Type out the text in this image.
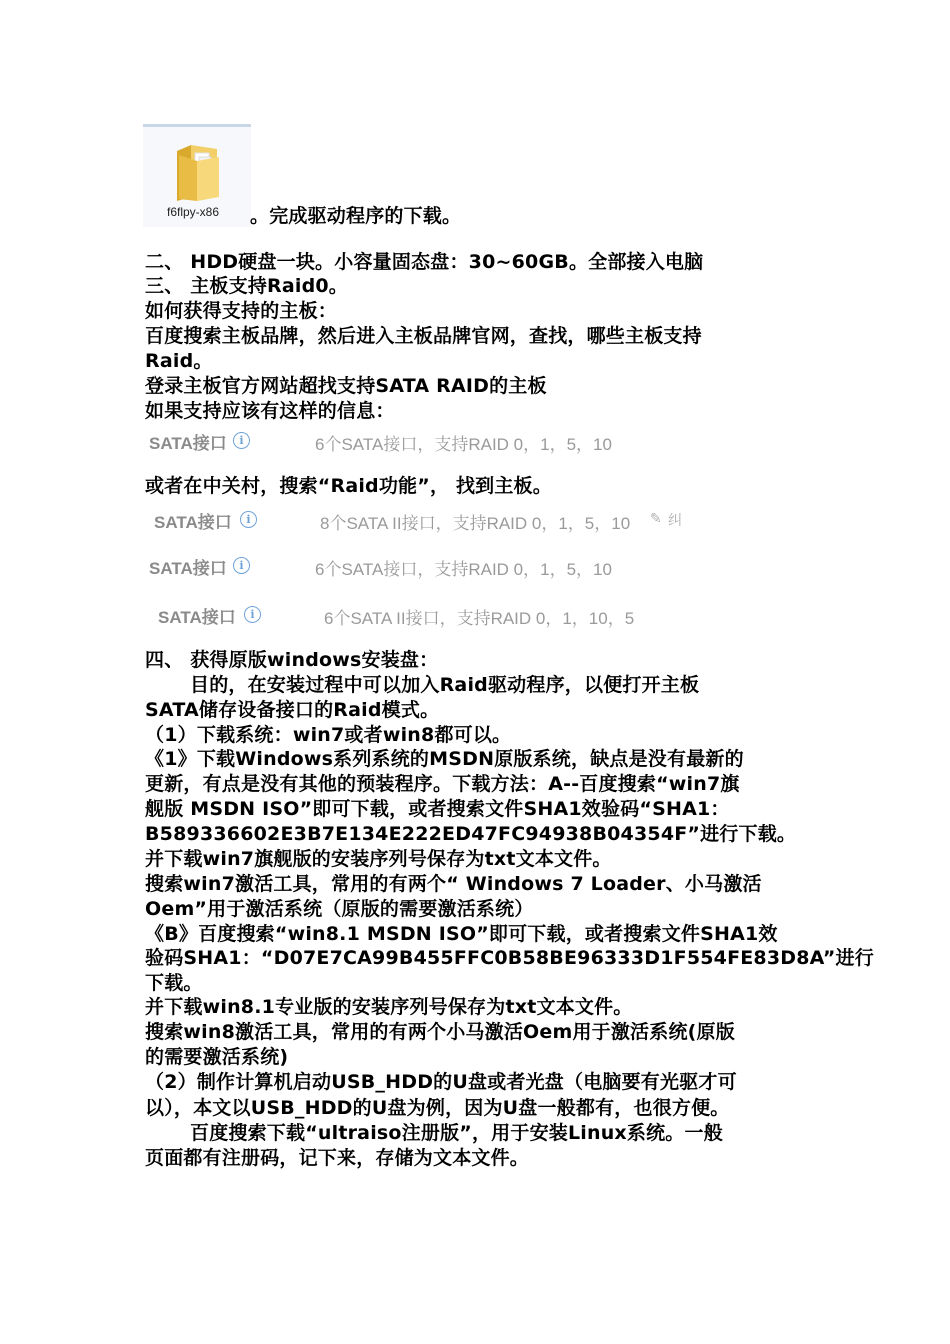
f6flpy-x86 。完成驱动程序的下载。
二、 HDD硬盘一块。小容量固态盘：30~60GB。全部接入电脑
三、 主板支持Raid0。
如何获得支持的主板：
百度搜索主板品牌，然后进入主板品牌官网，查找，哪些主板支持
Raid。
登录主板官方网站超找支持SATA RAID的主板
如果支持应该有这样的信息：
SATA接口	i	6个SATA接口，支持RAID 0，1，5，10
或者在中关村，搜索“Raid功能”， 找到主板。
SATA接口	i	8个SATA II接口，支持RAID 0，1，5，10 ✎ 纠
SATA接口	i	6个SATA接口，支持RAID 0，1，5，10
SATA接口	i	6个SATA II接口，支持RAID 0，1，10，5
四、 获得原版windows安装盘：
目的，在安装过程中可以加入Raid驱动程序，以便打开主板
SATA储存设备接口的Raid模式。
（1）下载系统：win7或者win8都可以。
《1》下载Windows系列系统的MSDN原版系统，缺点是没有最新的
更新，有点是没有其他的预装程序。下载方法：A--百度搜索“win7旗
舰版 MSDN ISO”即可下载，或者搜索文件SHA1效验码“SHA1：
B589336602E3B7E134E222ED47FC94938B04354F”进行下载。
并下载win7旗舰版的安装序列号保存为txt文本文件。
搜索win7激活工具，常用的有两个“ Windows 7 Loader、小马激活
Oem”用于激活系统（原版的需要激活系统）
《B》百度搜索“win8.1 MSDN ISO”即可下载，或者搜索文件SHA1效
验码SHA1：“D07E7CA99B455FFC0B58BE96333D1F554FE83D8A”进行
下载。
并下载win8.1专业版的安装序列号保存为txt文本文件。
搜索win8激活工具，常用的有两个小马激活Oem用于激活系统(原版
的需要激活系统)
（2）制作计算机启动USB_HDD的U盘或者光盘（电脑要有光驱才可
以），本文以USB_HDD的U盘为例，因为U盘一般都有，也很方便。
百度搜索下载“ultraiso注册版”，用于安装Linux系统。一般
页面都有注册码，记下来，存储为文本文件。
